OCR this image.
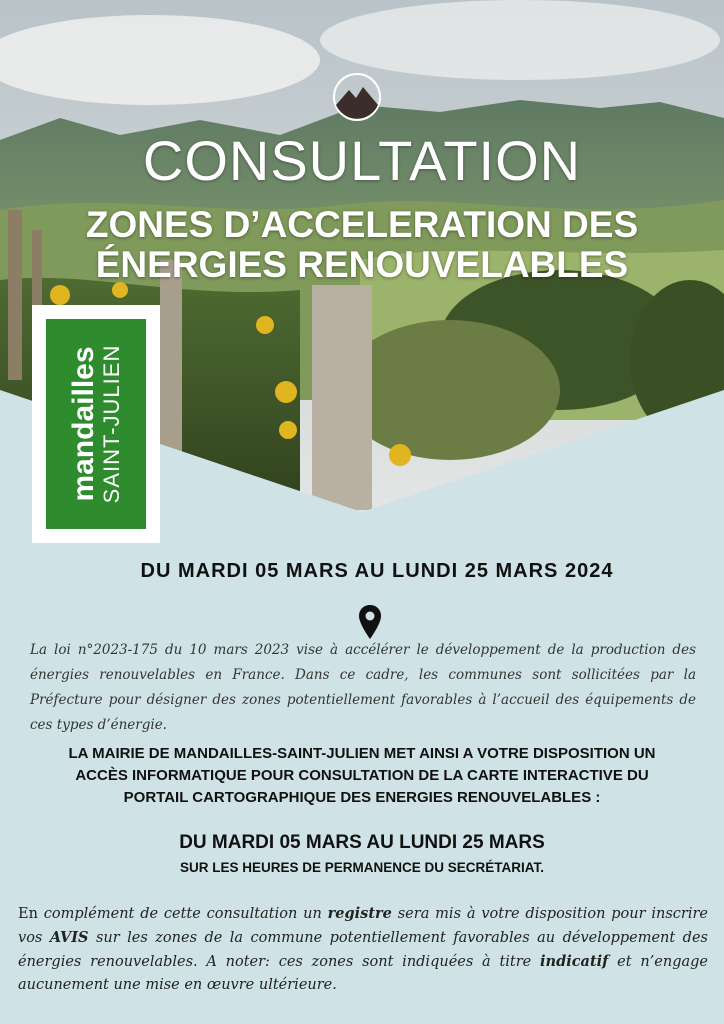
CONSULTATION
ZONES D’ACCELERATION DES
ÉNERGIES RENOUVELABLES
mandailles SAINT-JULIEN
DU MARDI 05 MARS AU LUNDI 25 MARS 2024
La loi n°2023-175 du 10 mars 2023 vise à accélérer le développement de la production des énergies renouvelables en France. Dans ce cadre, les communes sont sollicitées par la Préfecture pour désigner des zones potentiellement favorables à l’accueil des équipements de ces types d’énergie.
LA MAIRIE DE MANDAILLES-SAINT-JULIEN MET AINSI A VOTRE DISPOSITION UN
ACCÈS INFORMATIQUE POUR CONSULTATION DE LA CARTE INTERACTIVE DU
PORTAIL CARTOGRAPHIQUE DES ENERGIES RENOUVELABLES :
DU MARDI 05 MARS AU LUNDI 25 MARS
SUR LES HEURES DE PERMANENCE DU SECRÉTARIAT.
En complément de cette consultation un registre sera mis à votre disposition pour inscrire vos AVIS sur les zones de la commune potentiellement favorables au développement des énergies renouvelables. A noter: ces zones sont indiquées à titre indicatif et n’engage aucunement une mise en œuvre ultérieure.
